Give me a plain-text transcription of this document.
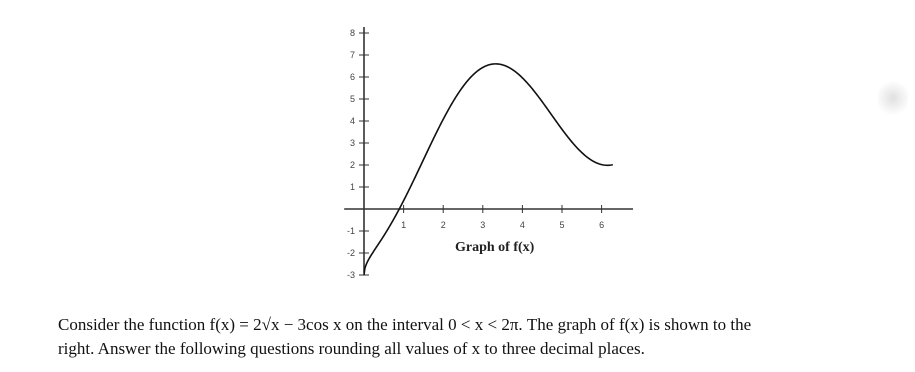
8
7
6
5
4
3
2
1
-1
-2
-3
1	2	3	4	5	6
Graph of f(x)
Consider the function f(x) = 2√x − 3cos x on the interval 0 < x < 2π. The graph of f(x) is shown to the
right. Answer the following questions rounding all values of x to three decimal places.
